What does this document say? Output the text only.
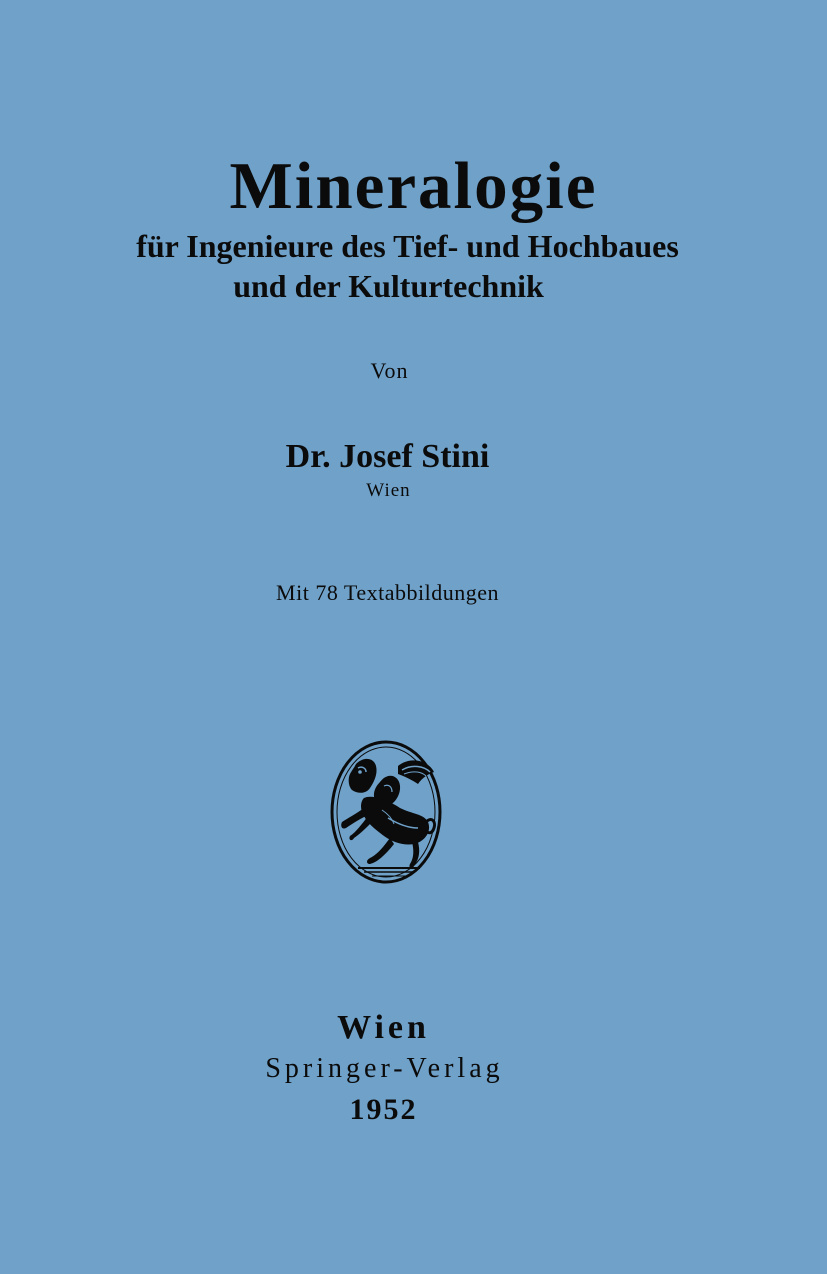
Mineralogie
für Ingenieure des Tief- und Hochbaues
und der Kulturtechnik
Von
Dr. Josef Stini
Wien
Mit 78 Textabbildungen
Wien
Springer-Verlag
1952
